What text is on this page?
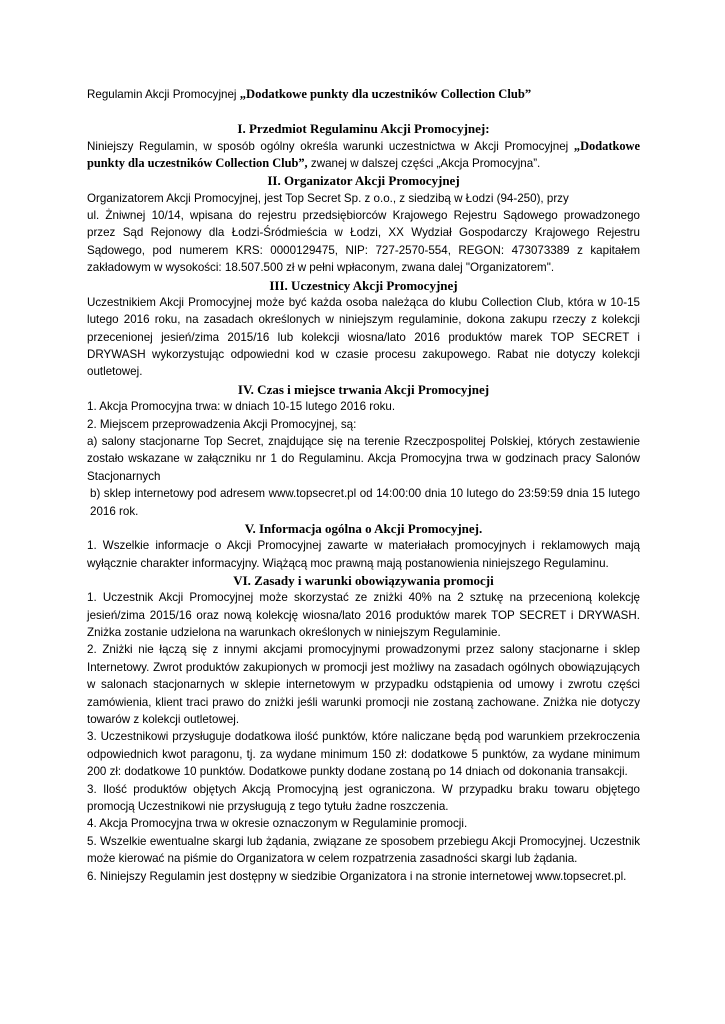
Regulamin Akcji Promocyjnej „Dodatkowe punkty dla uczestników Collection Club”

I. Przedmiot Regulaminu Akcji Promocyjnej:

Niniejszy Regulamin, w sposób ogólny określa warunki uczestnictwa w Akcji Promocyjnej „Dodatkowe punkty dla uczestników Collection Club”, zwanej w dalszej części „Akcja Promocyjna”.

II. Organizator Akcji Promocyjnej

Organizatorem Akcji Promocyjnej, jest Top Secret Sp. z o.o., z siedzibą w Łodzi (94-250), przy

ul. Żniwnej 10/14, wpisana do rejestru przedsiębiorców Krajowego Rejestru Sądowego prowadzonego przez Sąd Rejonowy dla Łodzi-Śródmieścia w Łodzi, XX Wydział Gospodarczy Krajowego Rejestru Sądowego, pod numerem KRS: 0000129475, NIP: 727-2570-554, REGON: 473073389 z kapitałem zakładowym w wysokości: 18.507.500 zł w pełni wpłaconym, zwana dalej "Organizatorem".

III. Uczestnicy Akcji Promocyjnej

Uczestnikiem Akcji Promocyjnej może być każda osoba należąca do klubu Collection Club, która w 10-15 lutego 2016 roku, na zasadach określonych w niniejszym regulaminie, dokona zakupu rzeczy z kolekcji przecenionej jesień/zima 2015/16 lub kolekcji wiosna/lato 2016 produktów marek TOP SECRET i DRYWASH wykorzystując odpowiedni kod w czasie procesu zakupowego. Rabat nie dotyczy kolekcji outletowej.

IV. Czas i miejsce trwania Akcji Promocyjnej

1. Akcja Promocyjna trwa: w dniach 10-15 lutego 2016 roku.

2. Miejscem przeprowadzenia Akcji Promocyjnej, są:

a) salony stacjonarne Top Secret, znajdujące się na terenie Rzeczpospolitej Polskiej, których zestawienie zostało wskazane w załączniku nr 1 do Regulaminu. Akcja Promocyjna trwa w godzinach pracy Salonów Stacjonarnych

b) sklep internetowy pod adresem www.topsecret.pl od 14:00:00 dnia 10 lutego do 23:59:59 dnia 15 lutego 2016 rok.

V. Informacja ogólna o Akcji Promocyjnej.

1. Wszelkie informacje o Akcji Promocyjnej zawarte w materiałach promocyjnych i reklamowych mają wyłącznie charakter informacyjny. Wiążącą moc prawną mają postanowienia niniejszego Regulaminu.

VI. Zasady i warunki obowiązywania promocji

1. Uczestnik Akcji Promocyjnej może skorzystać ze zniżki 40% na 2 sztukę na przecenioną kolekcję jesień/zima 2015/16 oraz nową kolekcję wiosna/lato 2016 produktów marek TOP SECRET i DRYWASH. Zniżka zostanie udzielona na warunkach określonych w niniejszym Regulaminie.

2. Zniżki nie łączą się z innymi akcjami promocyjnymi prowadzonymi przez salony stacjonarne i sklep Internetowy. Zwrot produktów zakupionych w promocji jest możliwy na zasadach ogólnych obowiązujących w salonach stacjonarnych w sklepie internetowym w przypadku odstąpienia od umowy i zwrotu części zamówienia, klient traci prawo do zniżki jeśli warunki promocji nie zostaną zachowane. Zniżka nie dotyczy towarów z kolekcji outletowej.

3. Uczestnikowi przysługuje dodatkowa ilość punktów, które naliczane będą pod warunkiem przekroczenia odpowiednich kwot paragonu, tj. za wydane minimum 150 zł: dodatkowe 5 punktów, za wydane minimum 200 zł: dodatkowe 10 punktów. Dodatkowe punkty dodane zostaną po 14 dniach od dokonania transakcji.

3. Ilość produktów objętych Akcją Promocyjną jest ograniczona. W przypadku braku towaru objętego promocją Uczestnikowi nie przysługują z tego tytułu żadne roszczenia.

4. Akcja Promocyjna trwa w okresie oznaczonym w Regulaminie promocji.

5. Wszelkie ewentualne skargi lub żądania, związane ze sposobem przebiegu Akcji Promocyjnej. Uczestnik może kierować na piśmie do Organizatora w celem rozpatrzenia zasadności skargi lub żądania.

6. Niniejszy Regulamin jest dostępny w siedzibie Organizatora i na stronie internetowej www.topsecret.pl.
